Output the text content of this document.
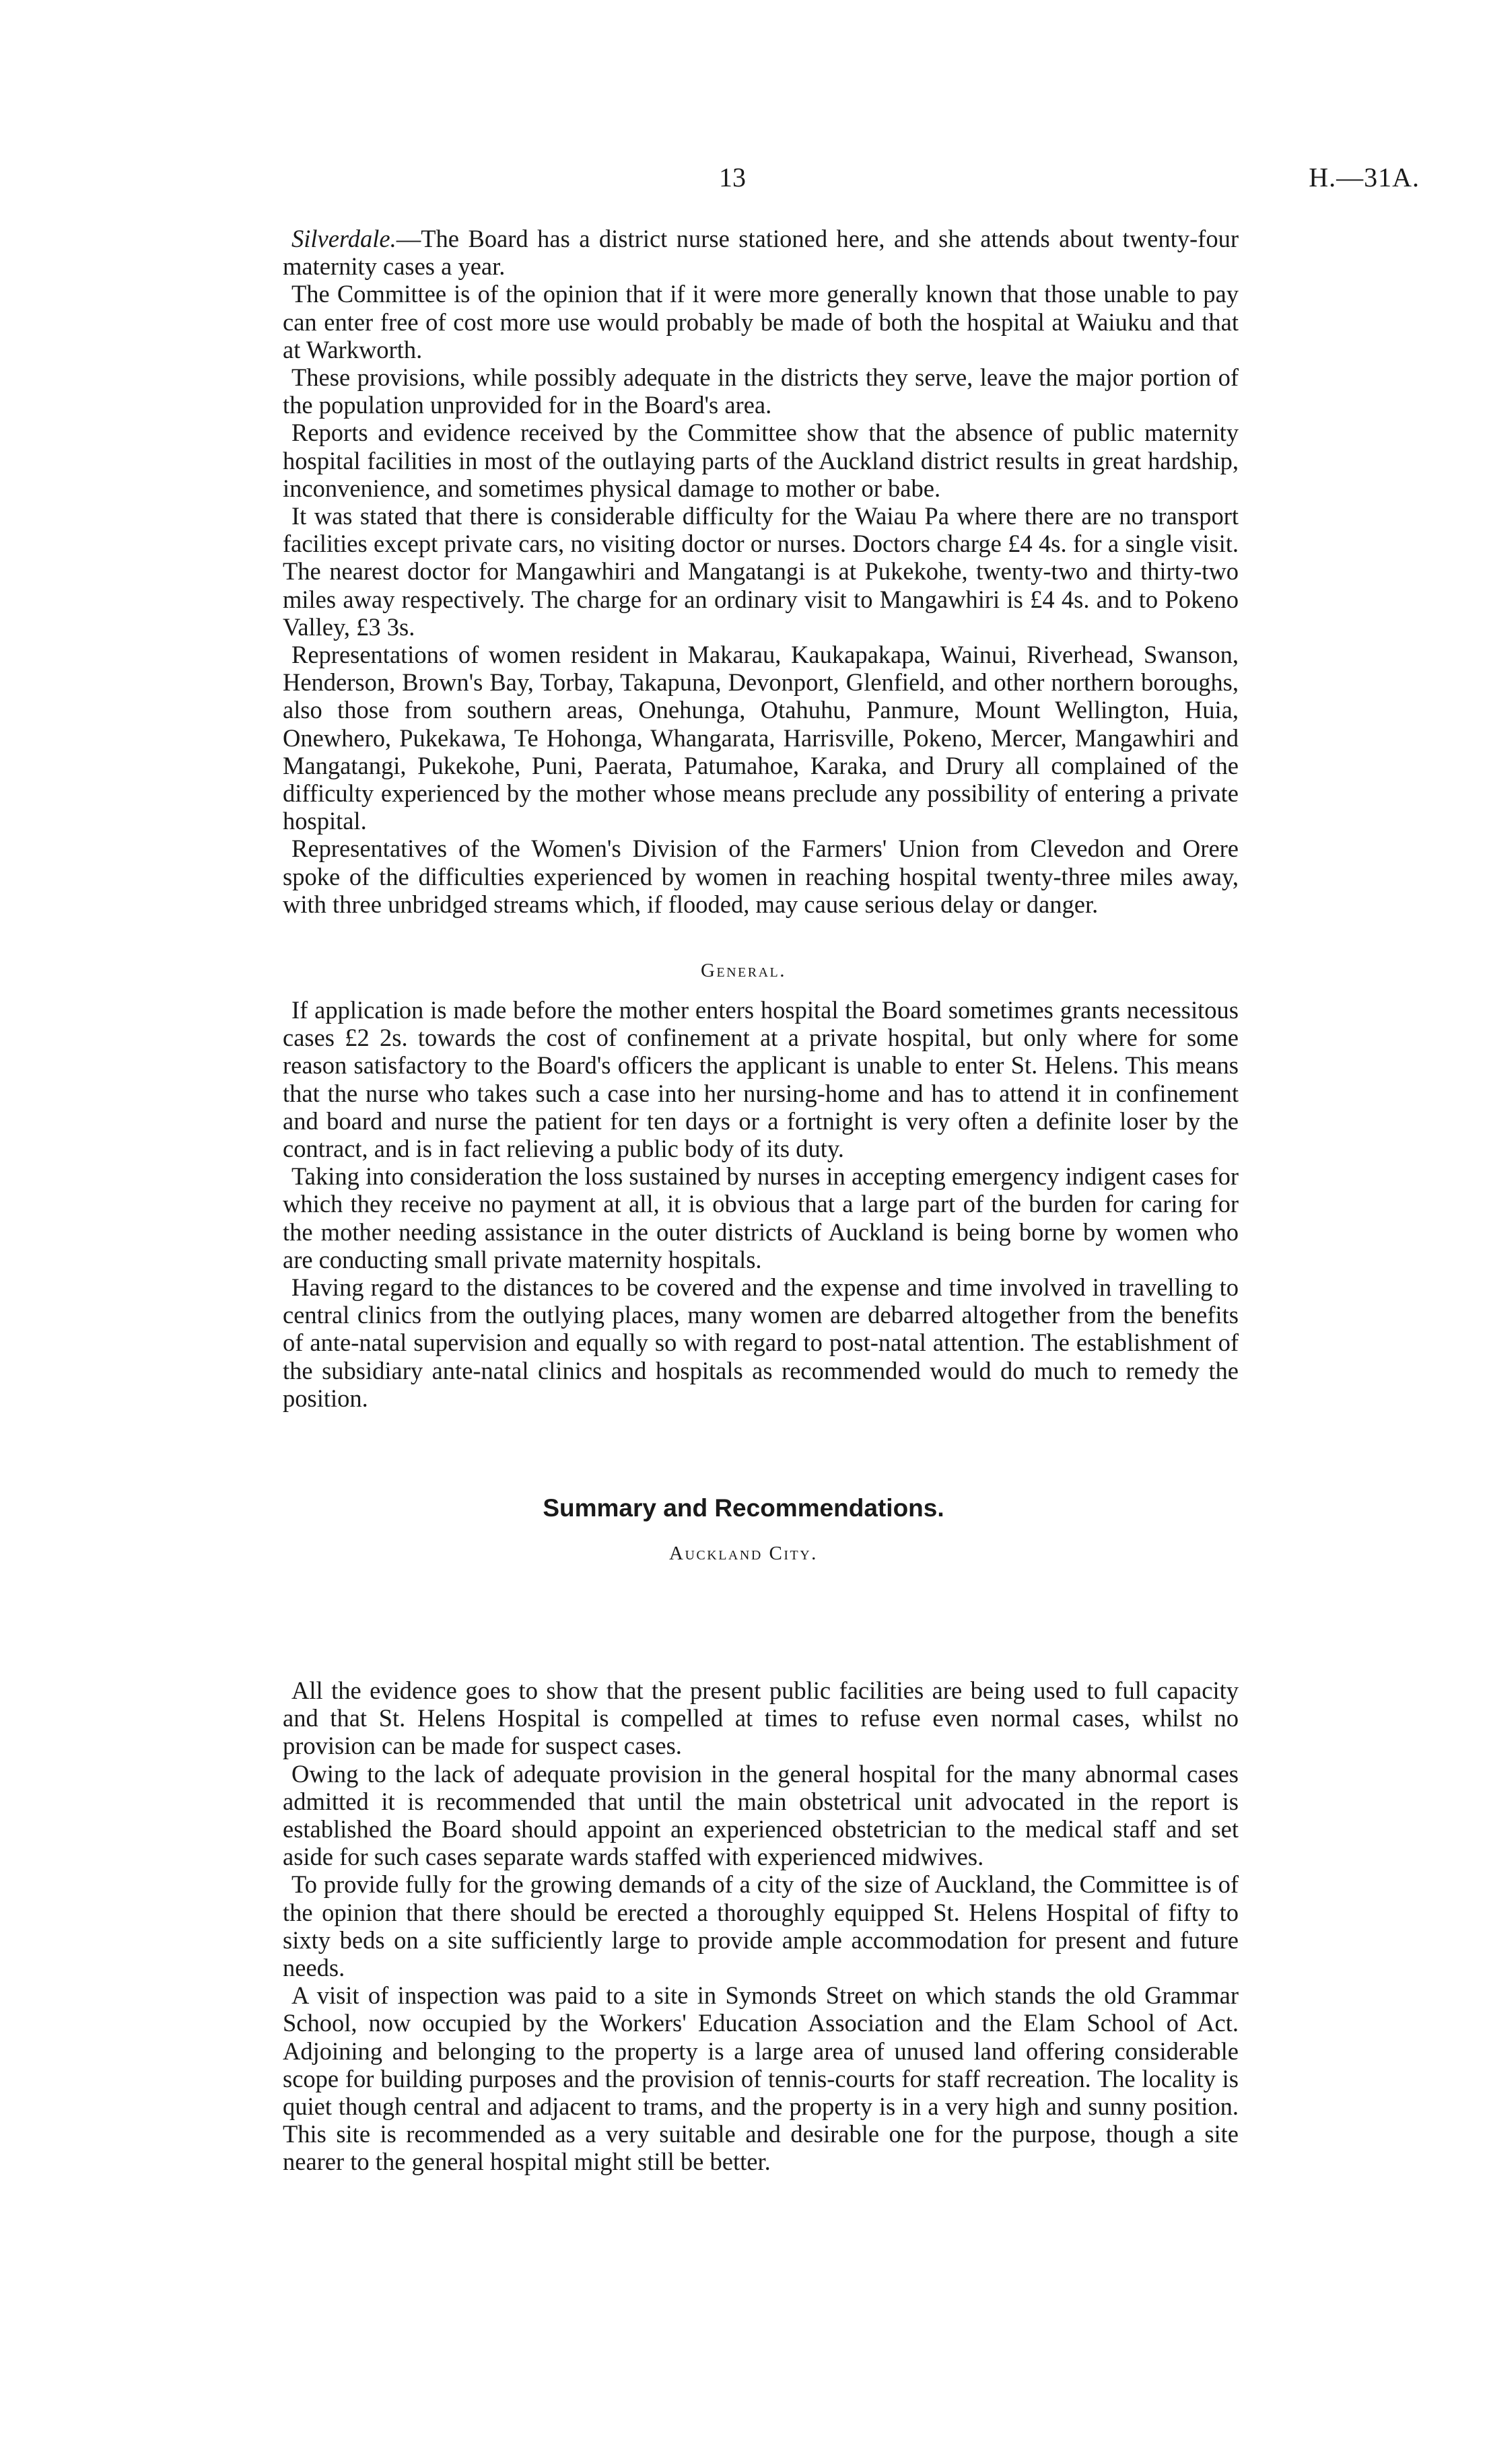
13	H.—31A.

Silverdale.—The Board has a district nurse stationed here, and she attends about twenty-four maternity cases a year.

The Committee is of the opinion that if it were more generally known that those unable to pay can enter free of cost more use would probably be made of both the hospital at Waiuku and that at Warkworth.

These provisions, while possibly adequate in the districts they serve, leave the major portion of the population unprovided for in the Board's area.

Reports and evidence received by the Committee show that the absence of public maternity hospital facilities in most of the outlaying parts of the Auckland district results in great hardship, inconvenience, and sometimes physical damage to mother or babe.

It was stated that there is considerable difficulty for the Waiau Pa where there are no transport facilities except private cars, no visiting doctor or nurses. Doctors charge £4 4s. for a single visit. The nearest doctor for Mangawhiri and Mangatangi is at Pukekohe, twenty-two and thirty-two miles away respectively. The charge for an ordinary visit to Mangawhiri is £4 4s. and to Pokeno Valley, £3 3s.

Representations of women resident in Makarau, Kaukapakapa, Wainui, Riverhead, Swanson, Henderson, Brown's Bay, Torbay, Takapuna, Devonport, Glenfield, and other northern boroughs, also those from southern areas, Onehunga, Otahuhu, Panmure, Mount Wellington, Huia, Onewhero, Pukekawa, Te Hohonga, Whangarata, Harrisville, Pokeno, Mercer, Mangawhiri and Mangatangi, Pukekohe, Puni, Paerata, Patumahoe, Karaka, and Drury all complained of the difficulty experienced by the mother whose means preclude any possibility of entering a private hospital.

Representatives of the Women's Division of the Farmers' Union from Clevedon and Orere spoke of the difficulties experienced by women in reaching hospital twenty-three miles away, with three unbridged streams which, if flooded, may cause serious delay or danger.

General.

If application is made before the mother enters hospital the Board sometimes grants necessitous cases £2 2s. towards the cost of confinement at a private hospital, but only where for some reason satisfactory to the Board's officers the applicant is unable to enter St. Helens. This means that the nurse who takes such a case into her nursing-home and has to attend it in confinement and board and nurse the patient for ten days or a fortnight is very often a definite loser by the contract, and is in fact relieving a public body of its duty.

Taking into consideration the loss sustained by nurses in accepting emergency indigent cases for which they receive no payment at all, it is obvious that a large part of the burden for caring for the mother needing assistance in the outer districts of Auckland is being borne by women who are conducting small private maternity hospitals.

Having regard to the distances to be covered and the expense and time involved in travelling to central clinics from the outlying places, many women are debarred altogether from the benefits of ante-natal supervision and equally so with regard to post-natal attention. The establishment of the subsidiary ante-natal clinics and hospitals as recommended would do much to remedy the position.

Summary and Recommendations.
Auckland City.

All the evidence goes to show that the present public facilities are being used to full capacity and that St. Helens Hospital is compelled at times to refuse even normal cases, whilst no provision can be made for suspect cases.

Owing to the lack of adequate provision in the general hospital for the many abnormal cases admitted it is recommended that until the main obstetrical unit advocated in the report is established the Board should appoint an experienced obstetrician to the medical staff and set aside for such cases separate wards staffed with experienced midwives.

To provide fully for the growing demands of a city of the size of Auckland, the Committee is of the opinion that there should be erected a thoroughly equipped St. Helens Hospital of fifty to sixty beds on a site sufficiently large to provide ample accommodation for present and future needs.

A visit of inspection was paid to a site in Symonds Street on which stands the old Grammar School, now occupied by the Workers' Education Association and the Elam School of Act. Adjoining and belonging to the property is a large area of unused land offering considerable scope for building purposes and the provision of tennis-courts for staff recreation. The locality is quiet though central and adjacent to trams, and the property is in a very high and sunny position. This site is recommended as a very suitable and desirable one for the purpose, though a site nearer to the general hospital might still be better.
